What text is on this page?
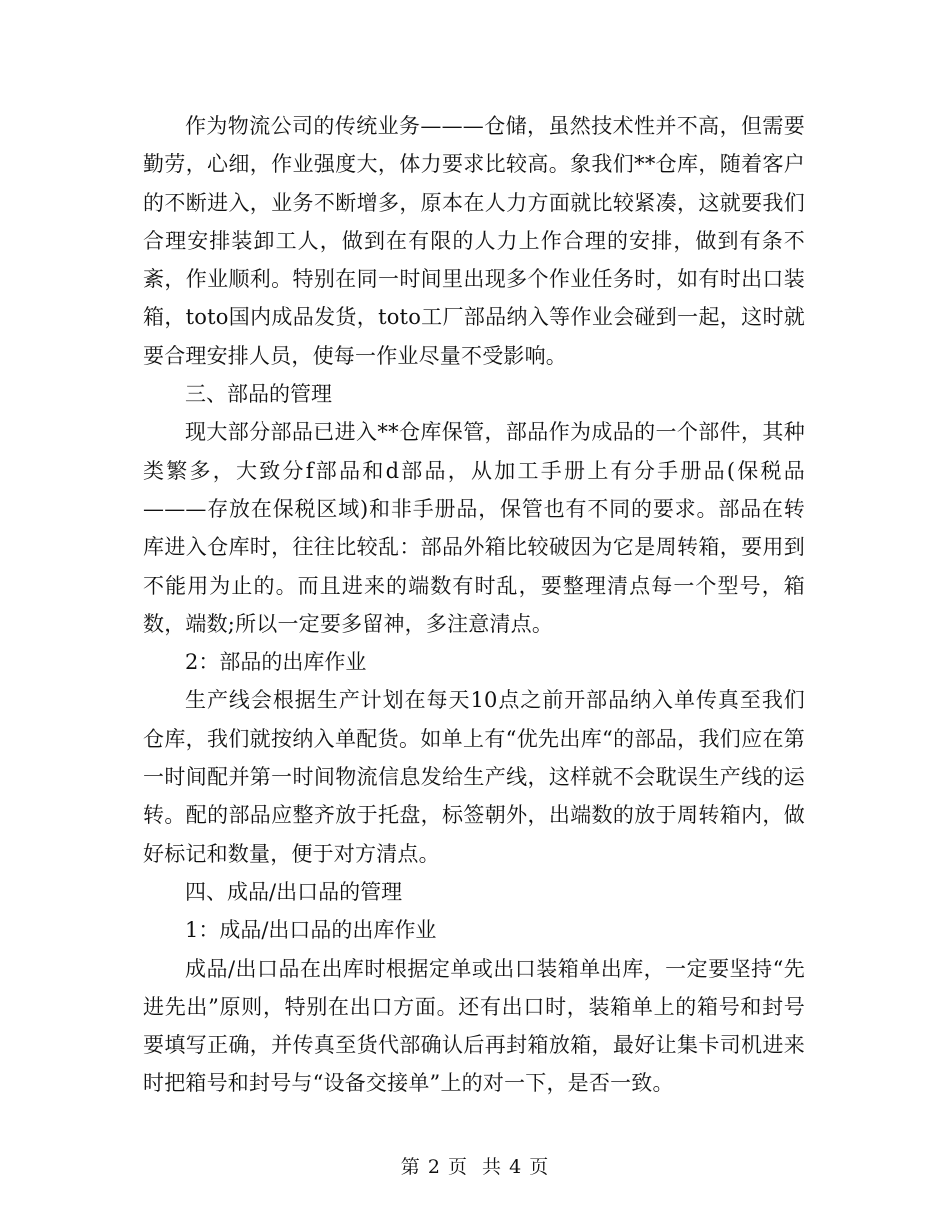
作为物流公司的传统业务———仓储，虽然技术性并不高，但需要勤劳，心细，作业强度大，体力要求比较高。象我们**仓库，随着客户的不断进入，业务不断增多，原本在人力方面就比较紧凑，这就要我们合理安排装卸工人，做到在有限的人力上作合理的安排，做到有条不紊，作业顺利。特别在同一时间里出现多个作业任务时，如有时出口装箱，toto国内成品发货，toto工厂部品纳入等作业会碰到一起，这时就要合理安排人员，使每一作业尽量不受影响。

三、部品的管理

现大部分部品已进入**仓库保管，部品作为成品的一个部件，其种类繁多，大致分f部品和d部品，从加工手册上有分手册品(保税品———存放在保税区域)和非手册品，保管也有不同的要求。部品在转库进入仓库时，往往比较乱：部品外箱比较破因为它是周转箱，要用到不能用为止的。而且进来的端数有时乱，要整理清点每一个型号，箱数，端数;所以一定要多留神，多注意清点。

2：部品的出库作业

生产线会根据生产计划在每天10点之前开部品纳入单传真至我们仓库，我们就按纳入单配货。如单上有“优先出库“的部品，我们应在第一时间配并第一时间物流信息发给生产线，这样就不会耽误生产线的运转。配的部品应整齐放于托盘，标签朝外，出端数的放于周转箱内，做好标记和数量，便于对方清点。

四、成品/出口品的管理

1：成品/出口品的出库作业

成品/出口品在出库时根据定单或出口装箱单出库，一定要坚持“先进先出”原则，特别在出口方面。还有出口时，装箱单上的箱号和封号要填写正确，并传真至货代部确认后再封箱放箱，最好让集卡司机进来时把箱号和封号与“设备交接单”上的对一下，是否一致。

第 2 页  共 4 页
